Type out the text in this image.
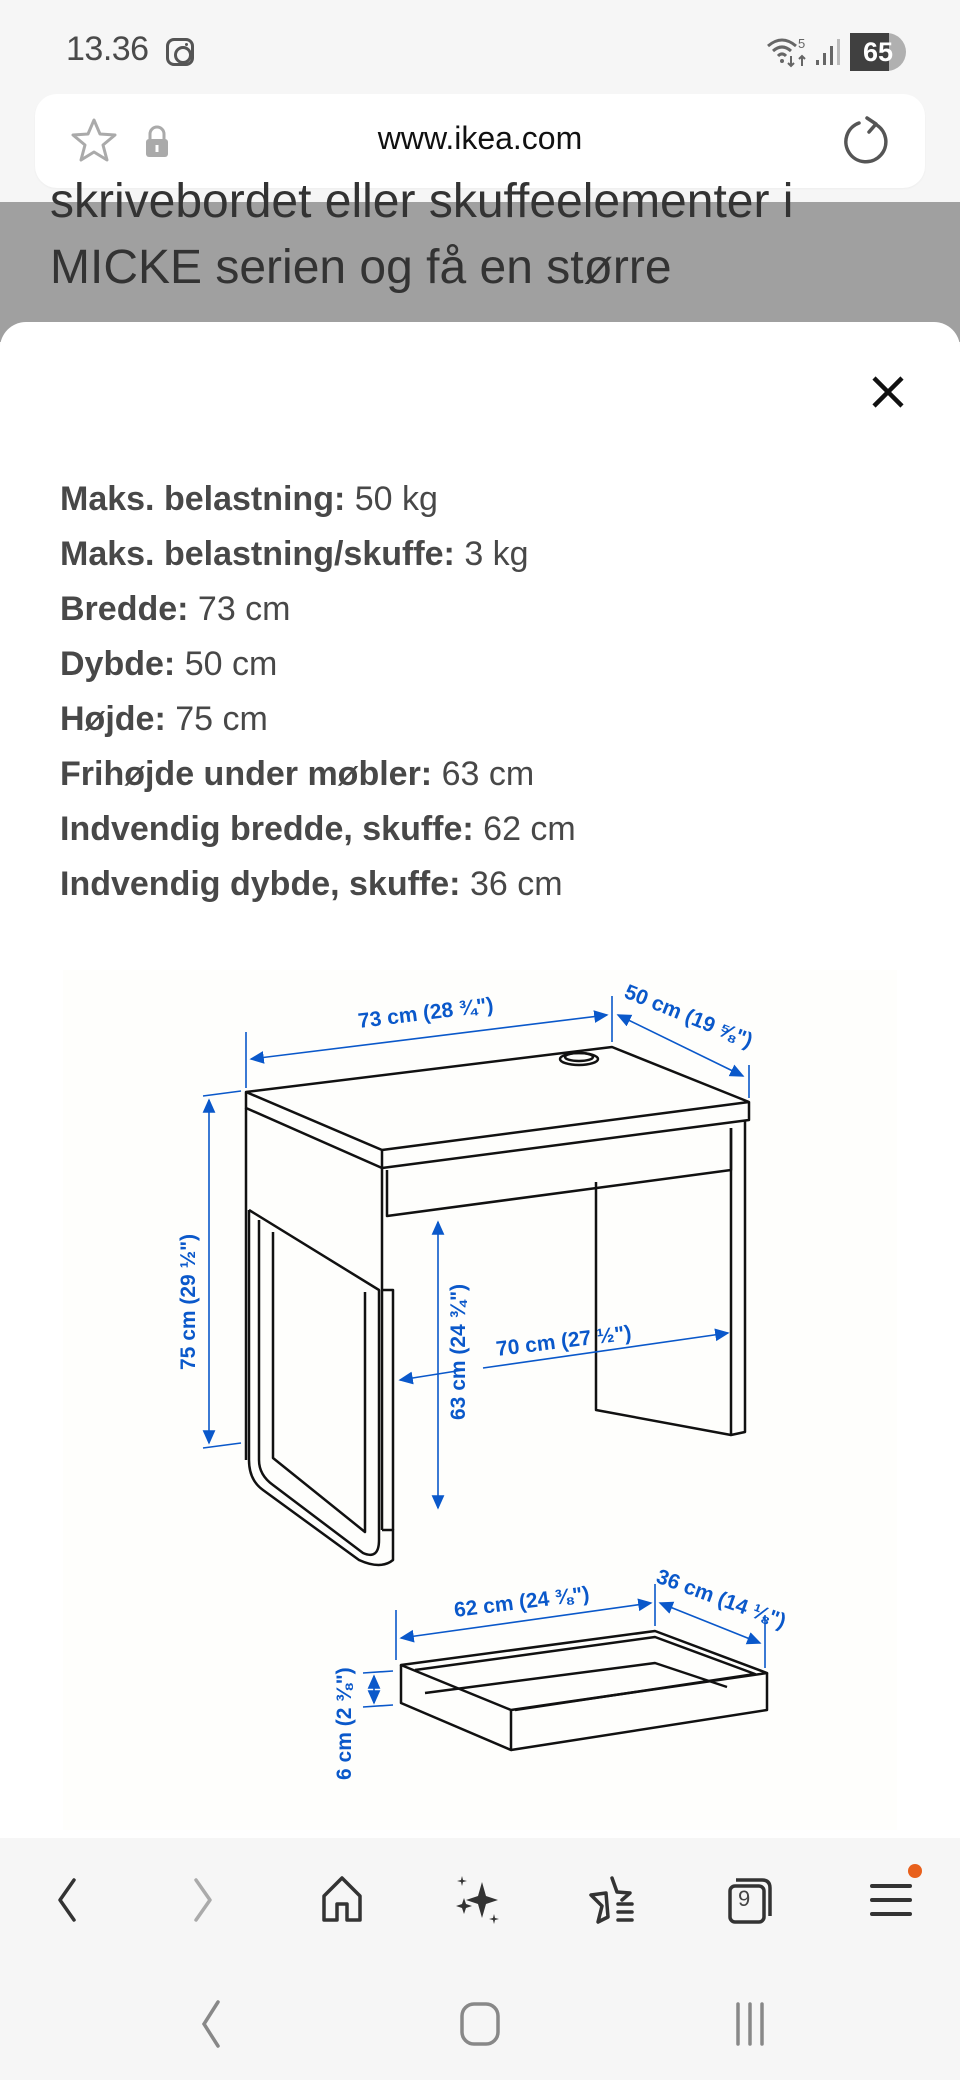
13.36	5	65
www.ikea.com
skrivebordet eller skuffeelementer i
MICKE serien og få en større
Maks. belastning: 50 kg
Maks. belastning/skuffe: 3 kg
Bredde: 73 cm
Dybde: 50 cm
Højde: 75 cm
Frihøjde under møbler: 63 cm
Indvendig bredde, skuffe: 62 cm
Indvendig dybde, skuffe: 36 cm
73 cm (28 ¾")	50 cm (19 ⅝")
75 cm (29 ½")	63 cm (24 ¾") 70 cm (27 ½")
62 cm (24 ⅜")	36 cm (14 ⅛")
6 cm (2 ⅜")
9
